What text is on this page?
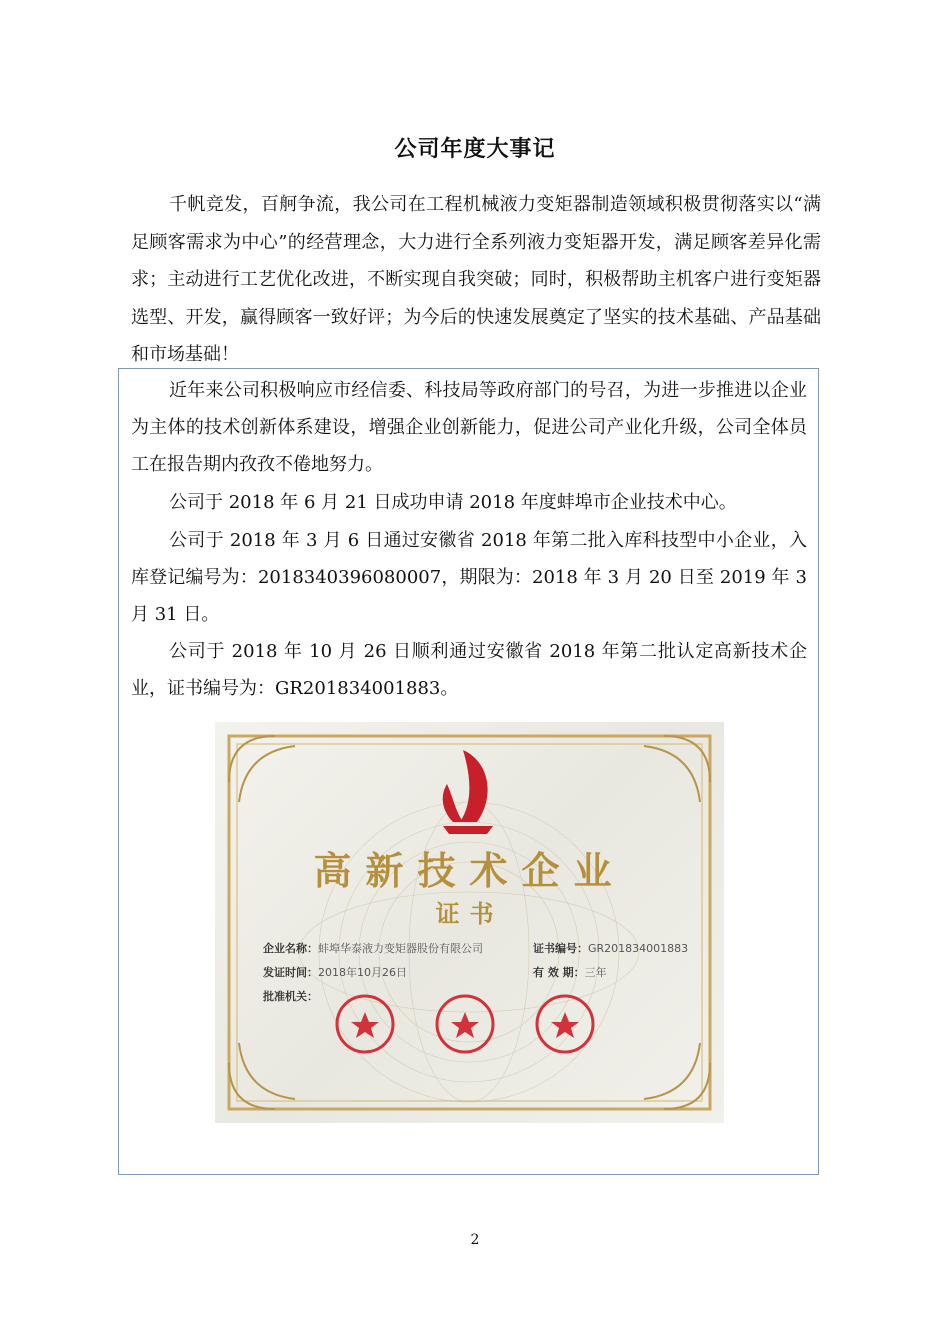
公司年度大事记

千帆竞发，百舸争流，我公司在工程机械液力变矩器制造领域积极贯彻落实以“满足顾客需求为中心”的经营理念，大力进行全系列液力变矩器开发，满足顾客差异化需求；主动进行工艺优化改进，不断实现自我突破；同时，积极帮助主机客户进行变矩器选型、开发，赢得顾客一致好评；为今后的快速发展奠定了坚实的技术基础、产品基础和市场基础！

近年来公司积极响应市经信委、科技局等政府部门的号召，为进一步推进以企业为主体的技术创新体系建设，增强企业创新能力，促进公司产业化升级，公司全体员工在报告期内孜孜不倦地努力。

公司于 2018 年 6 月 21 日成功申请 2018 年度蚌埠市企业技术中心。

公司于 2018 年 3 月 6 日通过安徽省 2018 年第二批入库科技型中小企业，入库登记编号为：201834039608000​7，期限为：2018 年 3 月 20 日至 2019 年 3 月 31 日。

公司于 2018 年 10 月 26 日顺利通过安徽省 2018 年第二批认定高新技术企业，证书编号为：GR201834001883。

高新技术企业
证书
企业名称：蚌埠华泰液力变矩器股份有限公司	证书编号：GR201834001883
发证时间：2018年10月26日	有 效 期：三年
批准机关：
2
